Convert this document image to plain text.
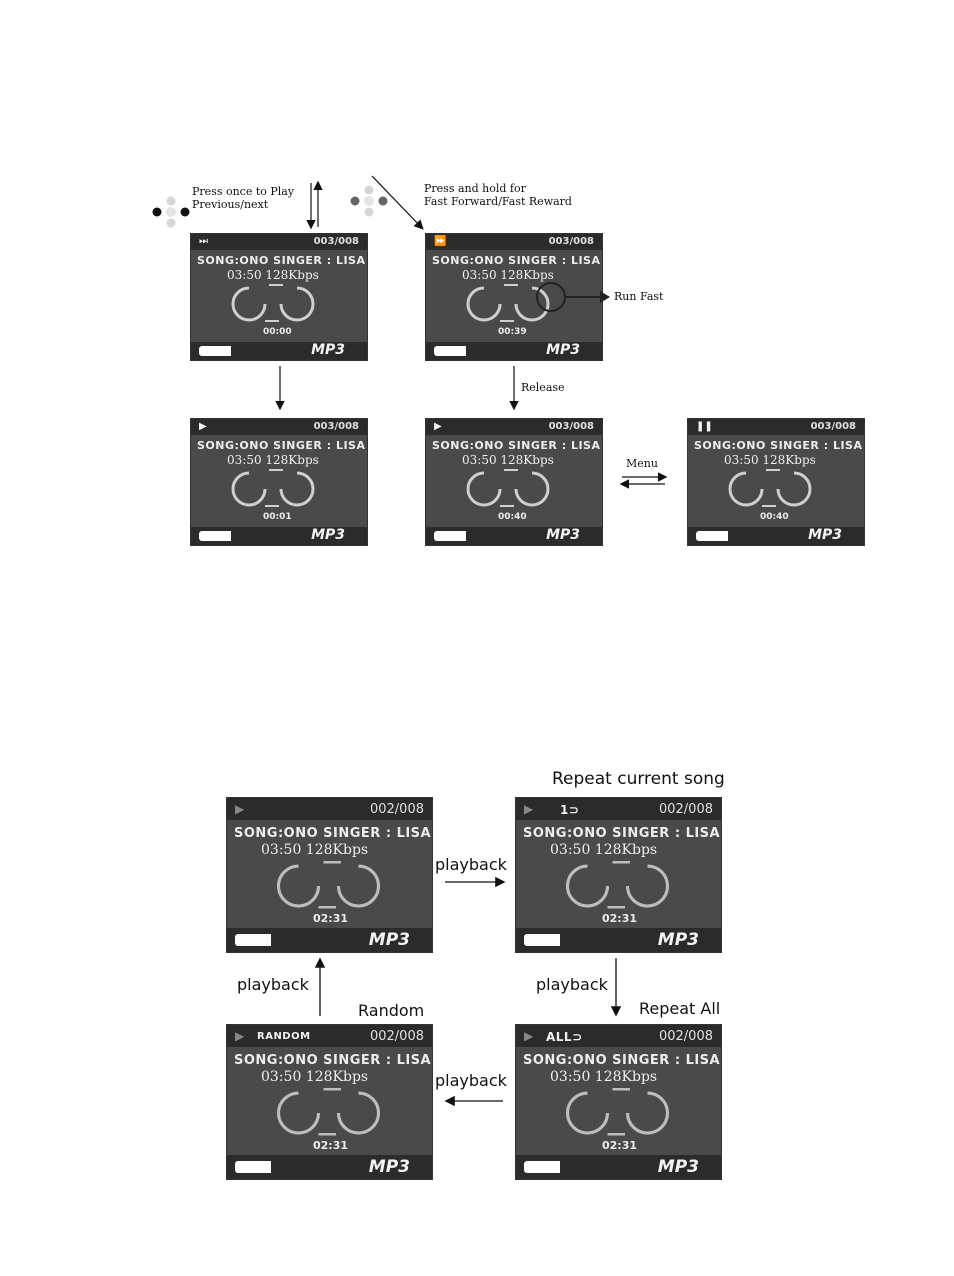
Press once to Play
Previous/next
Press and hold for
Fast Forward/Fast Reward
Run Fast
Release
Menu
⏭	003/008
SONG:ONO SINGER : LISA
03:50 128Kbps
00:00
MP3
⏩	003/008
SONG:ONO SINGER : LISA
03:50 128Kbps
00:39
MP3
▶	003/008
SONG:ONO SINGER : LISA
03:50 128Kbps
00:01
MP3
▶	003/008
SONG:ONO SINGER : LISA
03:50 128Kbps
00:40
MP3
❚❚	003/008
SONG:ONO SINGER : LISA
03:50 128Kbps
00:40
MP3
Repeat current song
Repeat All
Random
playback
playback
playback
playback
▶	002/008
SONG:ONO SINGER : LISA
03:50 128Kbps
02:31
MP3
▶ 1⊃	002/008
SONG:ONO SINGER : LISA
03:50 128Kbps
02:31
MP3
▶ ALL⊃	002/008
SONG:ONO SINGER : LISA
03:50 128Kbps
02:31
MP3
▶ RANDOM	002/008
SONG:ONO SINGER : LISA
03:50 128Kbps
02:31
MP3
